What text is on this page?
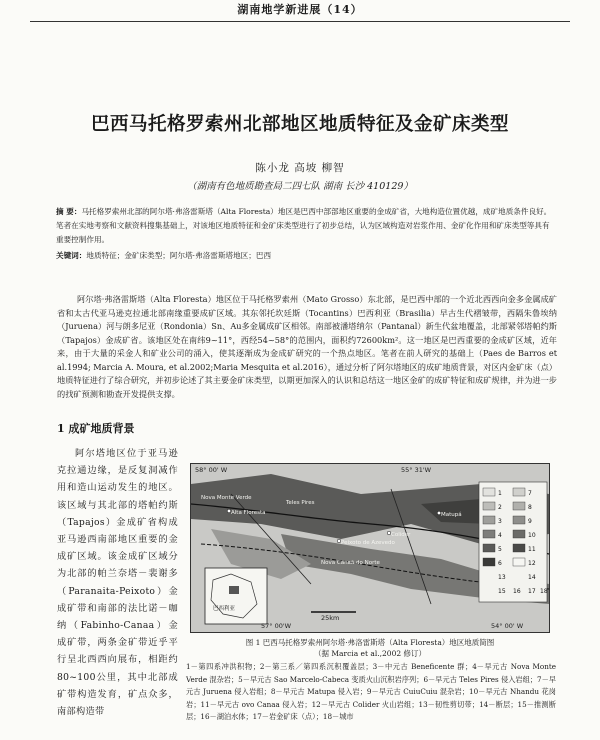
湖南地学新进展（14）
巴西马托格罗索州北部地区地质特征及金矿床类型
陈小龙 高坡 柳智
（湖南有色地质勘查局二四七队 湖南 长沙 410129）
摘 要：马托格罗索州北部的阿尔塔·弗洛雷斯塔（Alta Floresta）地区是巴西中部部地区重要的金成矿省，大地构造位置优越，成矿地质条件良好。笔者在实地考察和文献资料搜集基础上，对该地区地质特征和金矿床类型进行了初步总结，认为区域构造对岩浆作用、金矿化作用和矿床类型等具有重要控制作用。
关键词：地质特征；金矿床类型；阿尔塔·弗洛雷斯塔地区；巴西
阿尔塔·弗洛雷斯塔（Alta Floresta）地区位于马托格罗索州（Mato Grosso）东北部，是巴西中部的一个近北西西向金多金属成矿省和太古代亚马逊克拉通北部南缘重要成矿区域。其东邻托坎廷斯（Tocantins）巴西利亚（Brasilia）早古生代褶皱带，西隔朱鲁埃纳（Juruena）河与朗多尼亚（Rondonia）Sn、Au多金属成矿区相邻。南部被潘塔纳尔（Pantanal）新生代盆地覆盖，北部紧邻塔帕约斯（Tapajos）金成矿省。该地区处在南纬9~11°，西经54~58°的范围内，面积约72600km²。这一地区是巴西重要的金成矿区域，近年来，由于大量的采金人和矿业公司的涌入，使其逐渐成为金成矿研究的一个热点地区。笔者在前人研究的基础上（Paes de Barros et al.1994; Marcia A. Moura, et al.2002;Maria Mesquita et al.2016），通过分析了阿尔塔地区的成矿地质背景，对区内金矿床（点）地质特征进行了综合研究，并初步论述了其主要金矿床类型，以期更加深入的认识和总结这一地区金矿的成矿特征和成矿规律，并为进一步的找矿预测和勘查开发提供支撑。
1 成矿地质背景
阿尔塔地区位于亚马逊克拉通边缘，是反复洞减作用和造山运动发生的地区。该区域与其北部的塔帕约斯（Tapajos）金成矿省构成亚马逊西南部地区重要的金成矿区域。该金成矿区域分为北部的帕兰奈塔－裴谢多（Paranaita-Peixoto）金成矿带和南部的法比诺－咖纳（Fabinho-Canaa）金成矿带，两条金矿带近乎平行呈北西西向展布，相距约80~100公里，其中北部成矿带构造发育，矿点众多，南部构造带
1
2
3
4
5
6
7
8
9
10
11
12
13	14
15 16 17 18
Alta Floresta
Peixoto de Azevedo
Nova Canaã do Norte
Colíder
Matupá
Teles Pires
Nova Monte Verde
58° 00' W	55° 31'W
57° 00'W	54° 00' W
25km
巴西利亚
图 1 巴西马托格罗索州阿尔塔·弗洛雷斯塔（Alta Floresta）地区地质简图
（据 Marcia et al.,2002 修订）
1－第四系冲洪积物；2－第三系／第四系沉积覆盖层；3－中元古 Beneficente 群；4－早元古 Nova Monte Verde 混杂岩；5－早元古 Sao Marcelo-Cabeca 变质火山沉积岩序列；6－早元古 Teles Pires 侵入岩组；7－早元古 Juruena 侵入岩组；8－早元古 Matupa 侵入岩；9－早元古 CuiuCuiu 混杂岩；10－早元古 Nhandu 花岗岩；11－早元古 ovo Canaa 侵入岩；12－早元古 Colider 火山岩组；13－韧性剪切带；14－断层；15－推测断层；16－湖泊水体；17－岩金矿床（点）；18－城市
